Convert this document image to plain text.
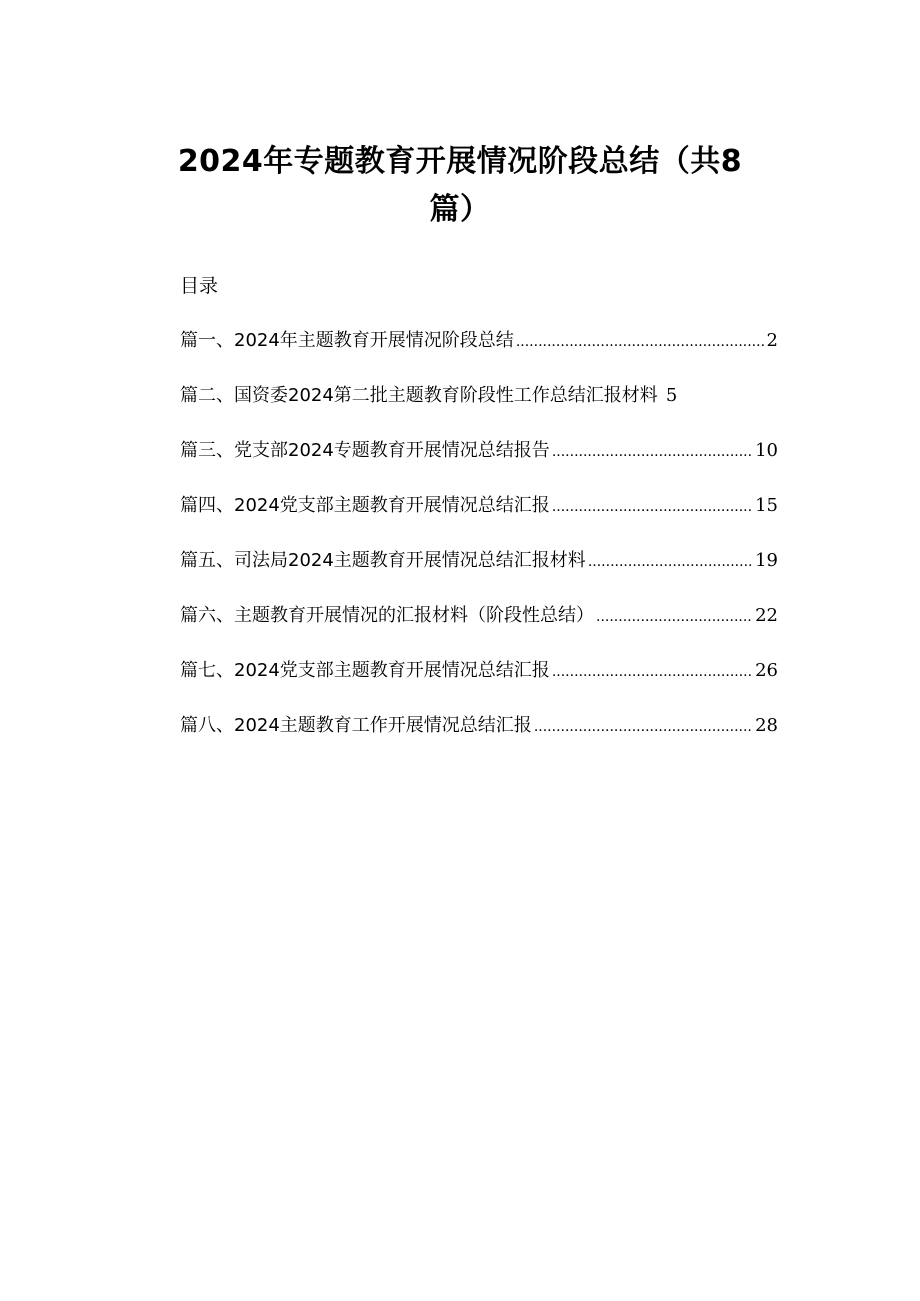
2024年专题教育开展情况阶段总结（共8篇）
目录
篇一、 2024年主题教育开展情况阶段总结 .....	2
篇二、 国资委2024第二批主题教育阶段性工作总结汇报材料 5
篇三、 党支部2024专题教育开展情况总结报告 .....	10
篇四、 2024党支部主题教育开展情况总结汇报 .....	15
篇五、 司法局2024主题教育开展情况总结汇报材料 .....	19
篇六、 主题教育开展情况的汇报材料（阶段性总结） .....	22
篇七、 2024党支部主题教育开展情况总结汇报 .....	26
篇八、 2024主题教育工作开展情况总结汇报 .....	28
